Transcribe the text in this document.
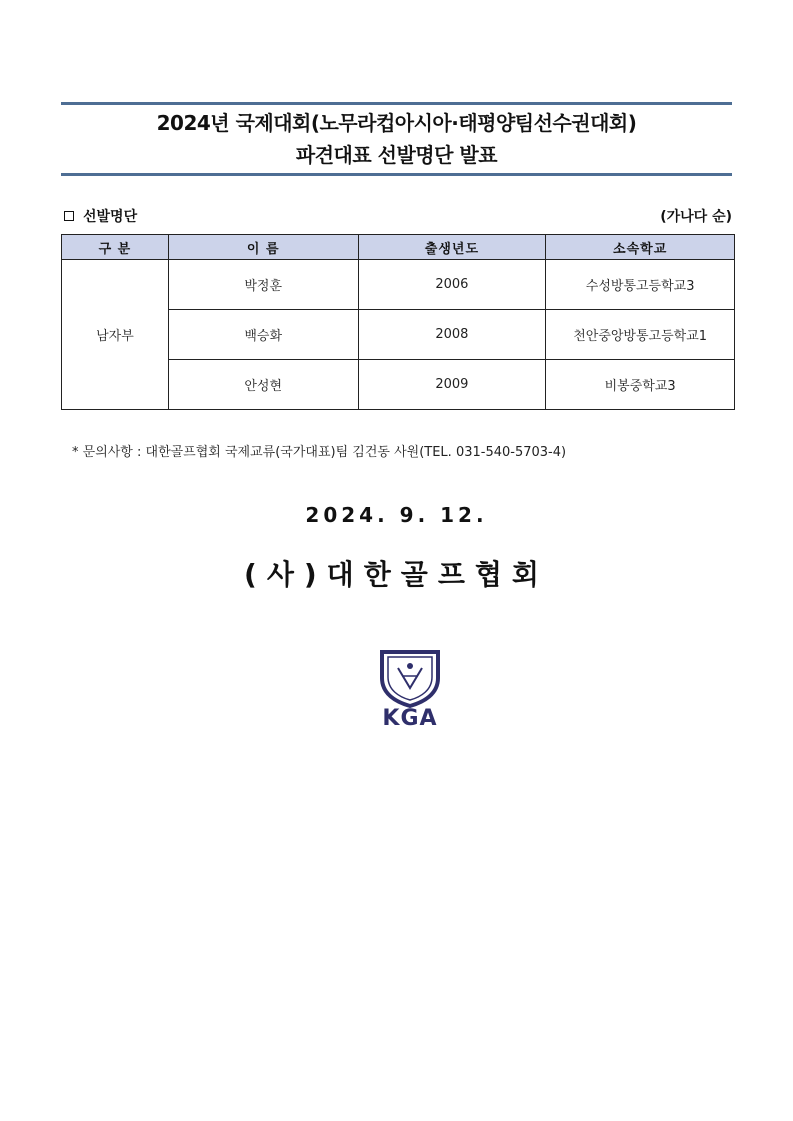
2024년 국제대회(노무라컵아시아·태평양팀선수권대회)
파견대표 선발명단 발표
선발명단	(가나다 순)
구 분	이 름	출생년도	소속학교
남자부	박정훈	2006	수성방통고등학교3
	백승화	2008	천안중앙방통고등학교1
	안성현	2009	비봉중학교3
* 문의사항 : 대한골프협회 국제교류(국가대표)팀 김건동 사원(TEL. 031-540-5703-4)
2024. 9. 12.
(사)대한골프협회
KGA
